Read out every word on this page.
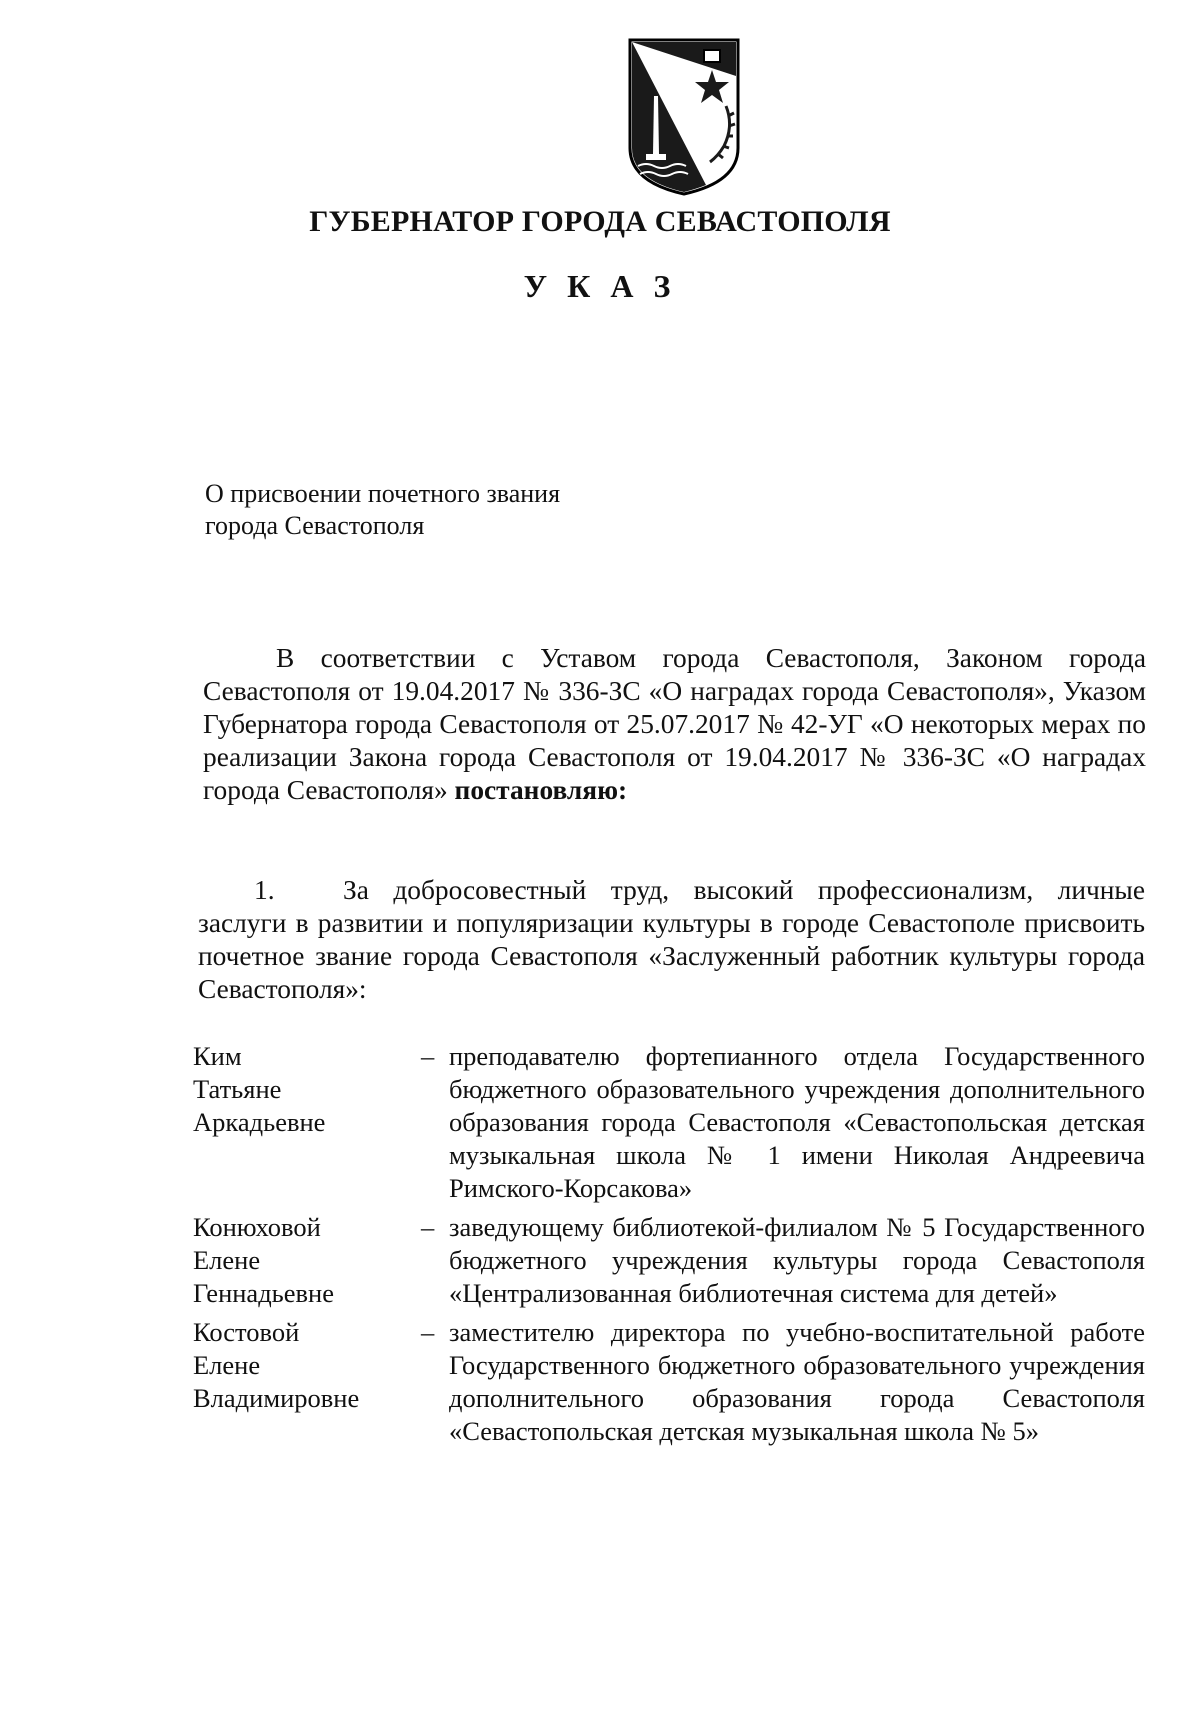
ГУБЕРНАТОР ГОРОДА СЕВАСТОПОЛЯ
У К А З
О присвоении почетного звания
города Севастополя
В соответствии с Уставом города Севастополя, Законом города Севастополя от 19.04.2017 № 336-ЗС «О наградах города Севастополя», Указом Губернатора города Севастополя от 25.07.2017 № 42-УГ «О некоторых мерах по реализации Закона города Севастополя от 19.04.2017 № 336-ЗС «О наградах города Севастополя» постановляю:
1. За добросовестный труд, высокий профессионализм, личные заслуги в развитии и популяризации культуры в городе Севастополе присвоить почетное звание города Севастополя «Заслуженный работник культуры города Севастополя»:
Ким
Татьяне
Аркадьевне
– преподавателю фортепианного отдела Государственного бюджетного образовательного учреждения дополнительного образования города Севастополя «Севастопольская детская музыкальная школа № 1 имени Николая Андреевича Римского-Корсакова»
Конюховой
Елене
Геннадьевне
– заведующему библиотекой-филиалом № 5 Государственного бюджетного учреждения культуры города Севастополя «Централизованная библиотечная система для детей»
Костовой
Елене
Владимировне
– заместителю директора по учебно-воспитательной работе Государственного бюджетного образовательного учреждения дополнительного образования города Севастополя «Севастопольская детская музыкальная школа № 5»
